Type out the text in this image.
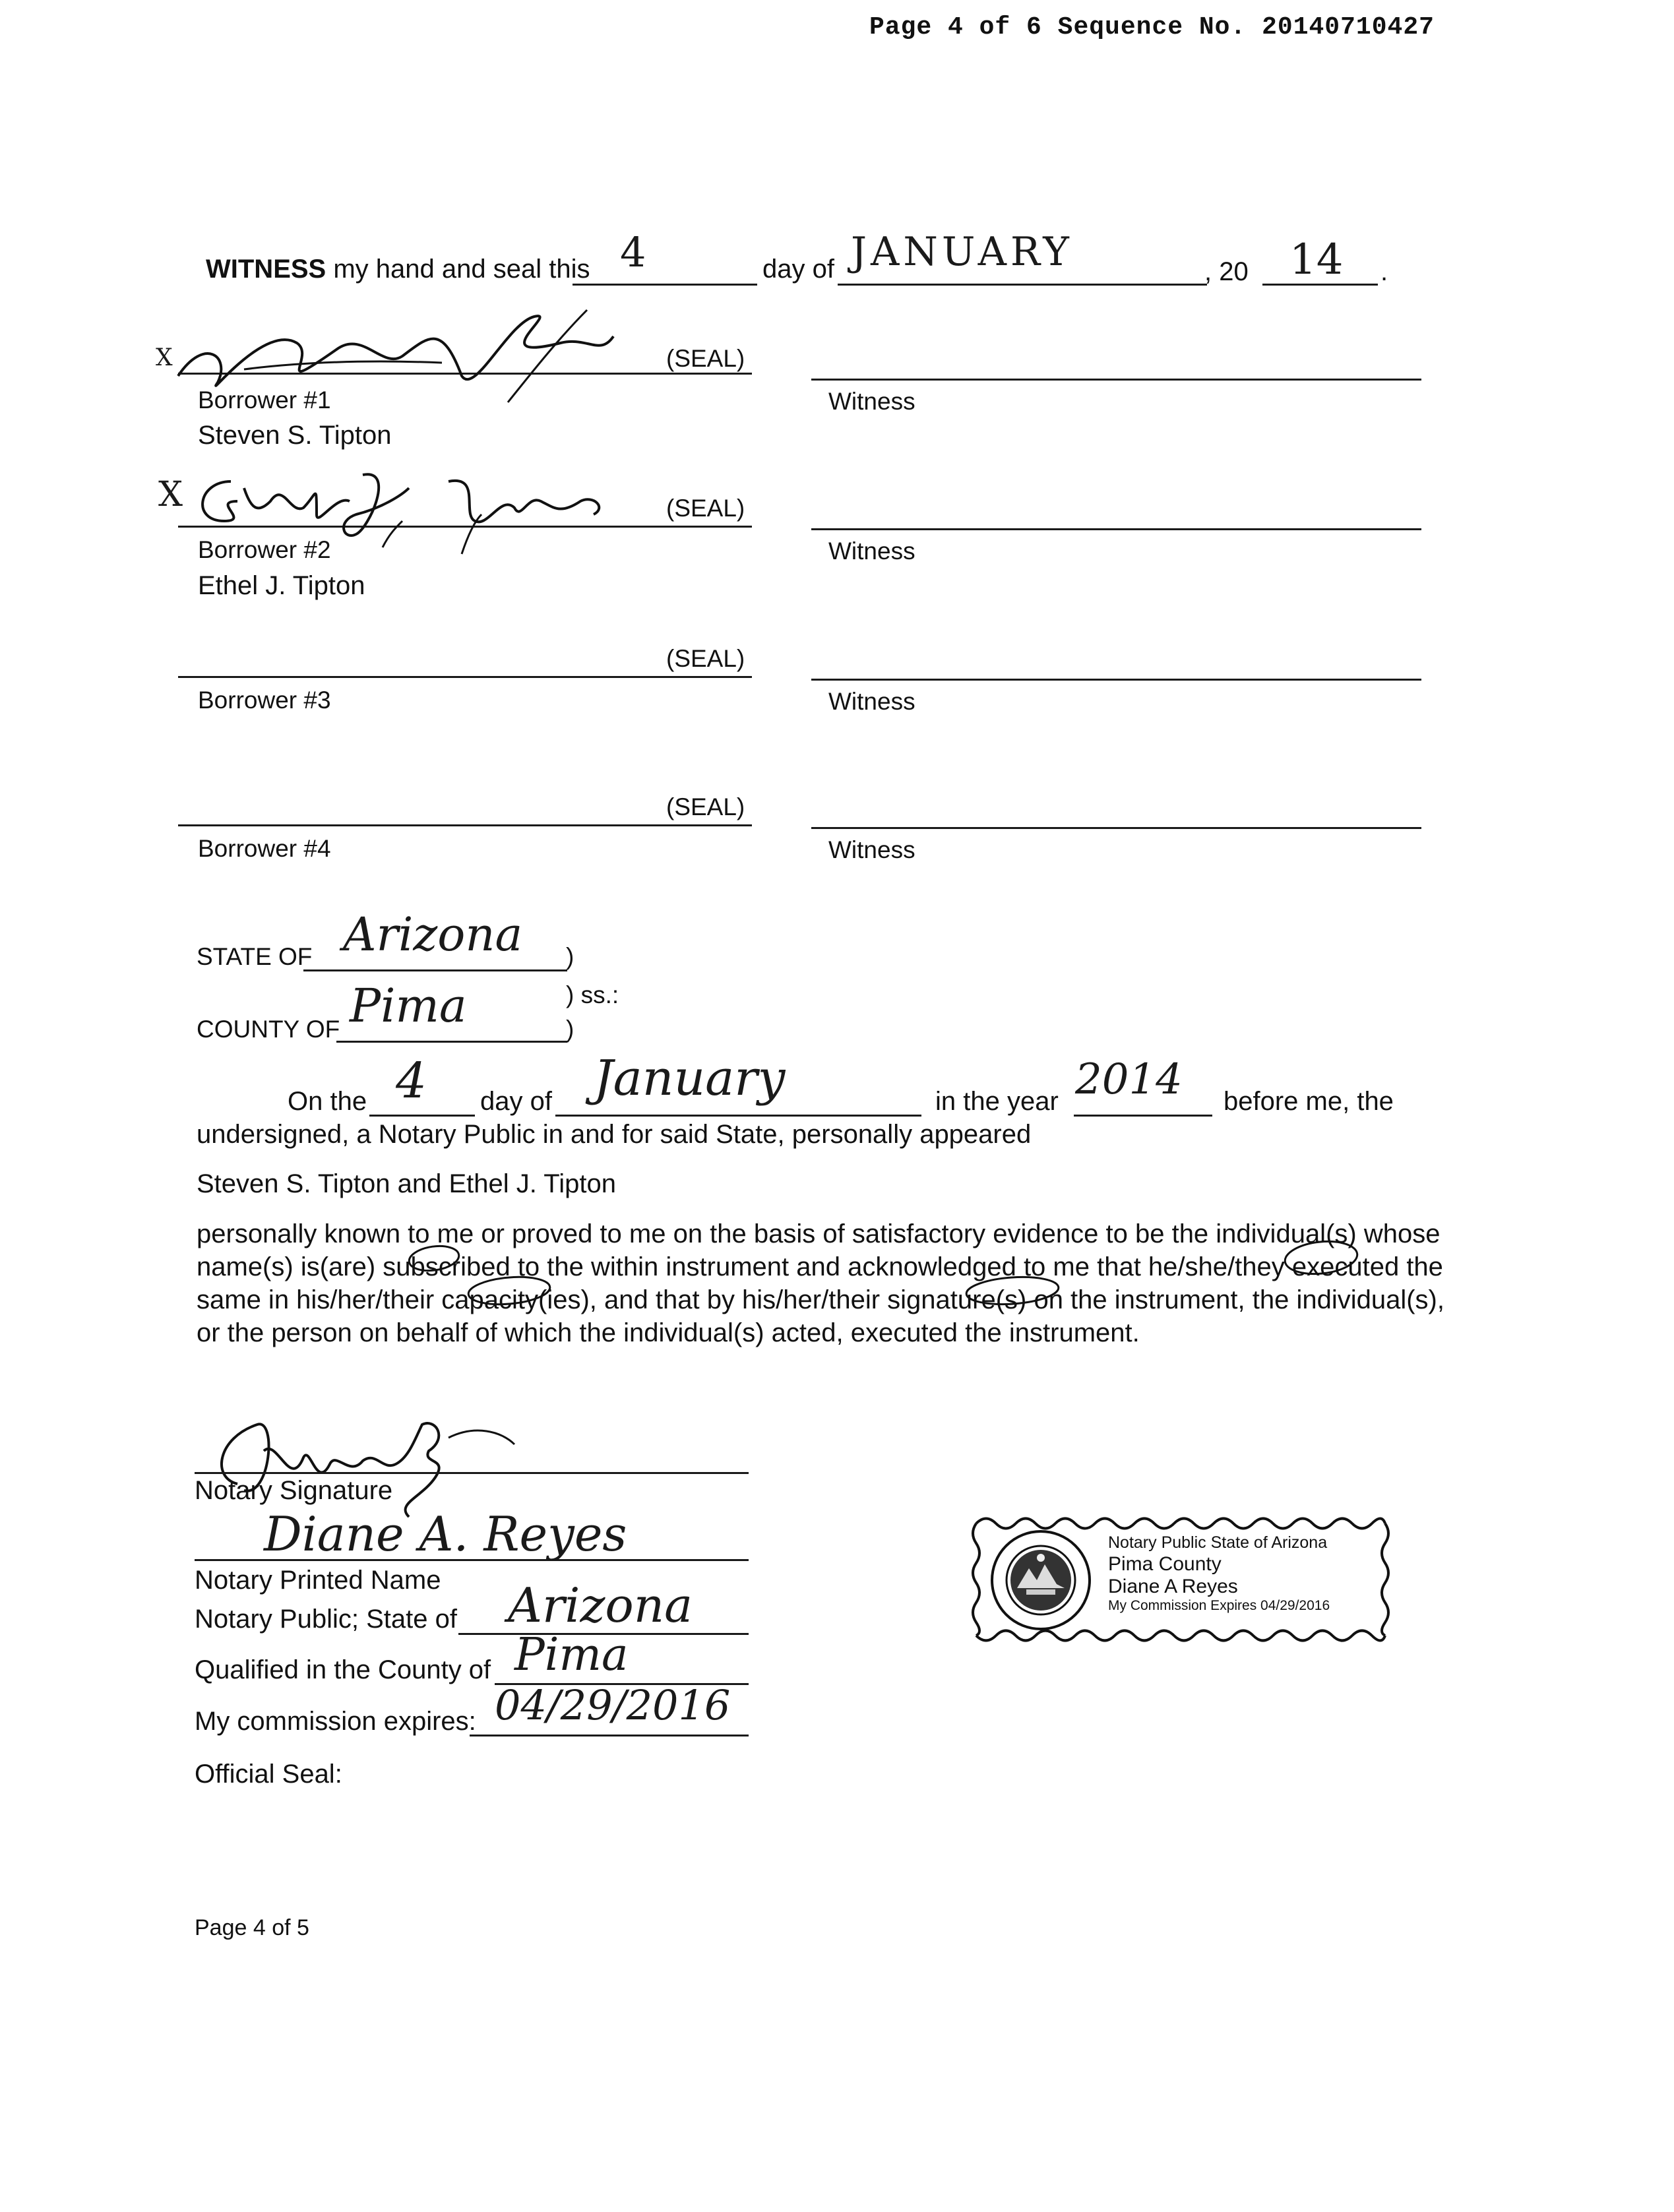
Page 4 of 6 Sequence No. 20140710427
WITNESS my hand and seal this 4	day of JANUARY	, 20 14 .
X	(SEAL)
Borrower #1
Steven S. Tipton
Witness
X	(SEAL)
Borrower #2
Ethel J. Tipton
Witness
(SEAL)
Borrower #3	Witness
(SEAL)
Borrower #4	Witness
STATE OF Arizona )
) ss.:
COUNTY OF Pima	)
On the 4 day of January	in the year 2014 before me, the
undersigned, a Notary Public in and for said State, personally appeared
Steven S. Tipton and Ethel J. Tipton
personally known to me or proved to me on the basis of satisfactory evidence to be the individual(s) whose name(s) is(are) subscribed to the within instrument and acknowledged to me that he/she/they executed the same in his/her/their capacity(ies), and that by his/her/their signature(s) on the instrument, the individual(s), or the person on behalf of which the individual(s) acted, executed the instrument.
Notary Signature
Diane A. Reyes
Notary Printed Name
Notary Public; State of Arizona
Qualified in the County of Pima
My commission expires: 04/29/2016
Official Seal:
Notary Public State of Arizona
Pima County
Diane A Reyes
My Commission Expires 04/29/2016
Page 4 of 5
